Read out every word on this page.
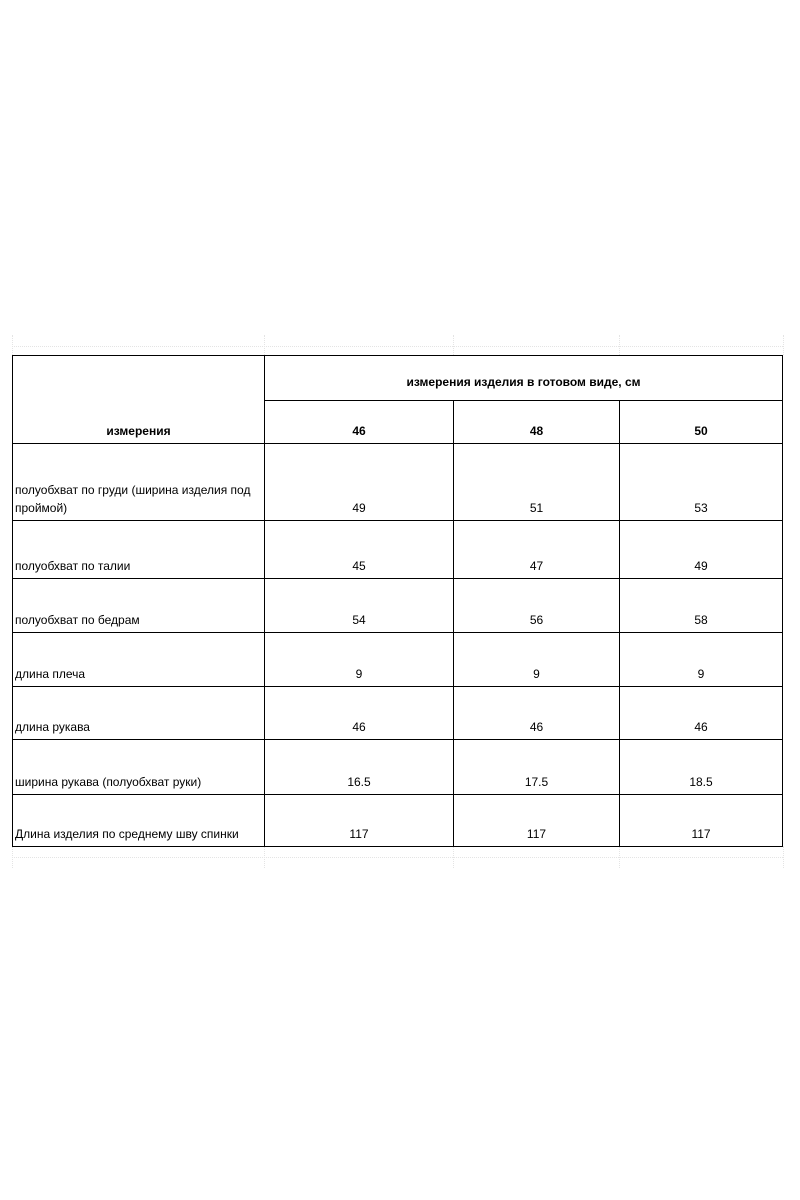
измерения	измерения изделия в готовом виде, см		
	46	48	50
полуобхват по груди (ширина изделия под проймой)	49	51	53
полуобхват по талии	45	47	49
полуобхват по бедрам	54	56	58
длина плеча	9	9	9
длина рукава	46	46	46
ширина рукава (полуобхват руки)	16.5	17.5	18.5
Длина изделия по среднему шву спинки	117	117	117
